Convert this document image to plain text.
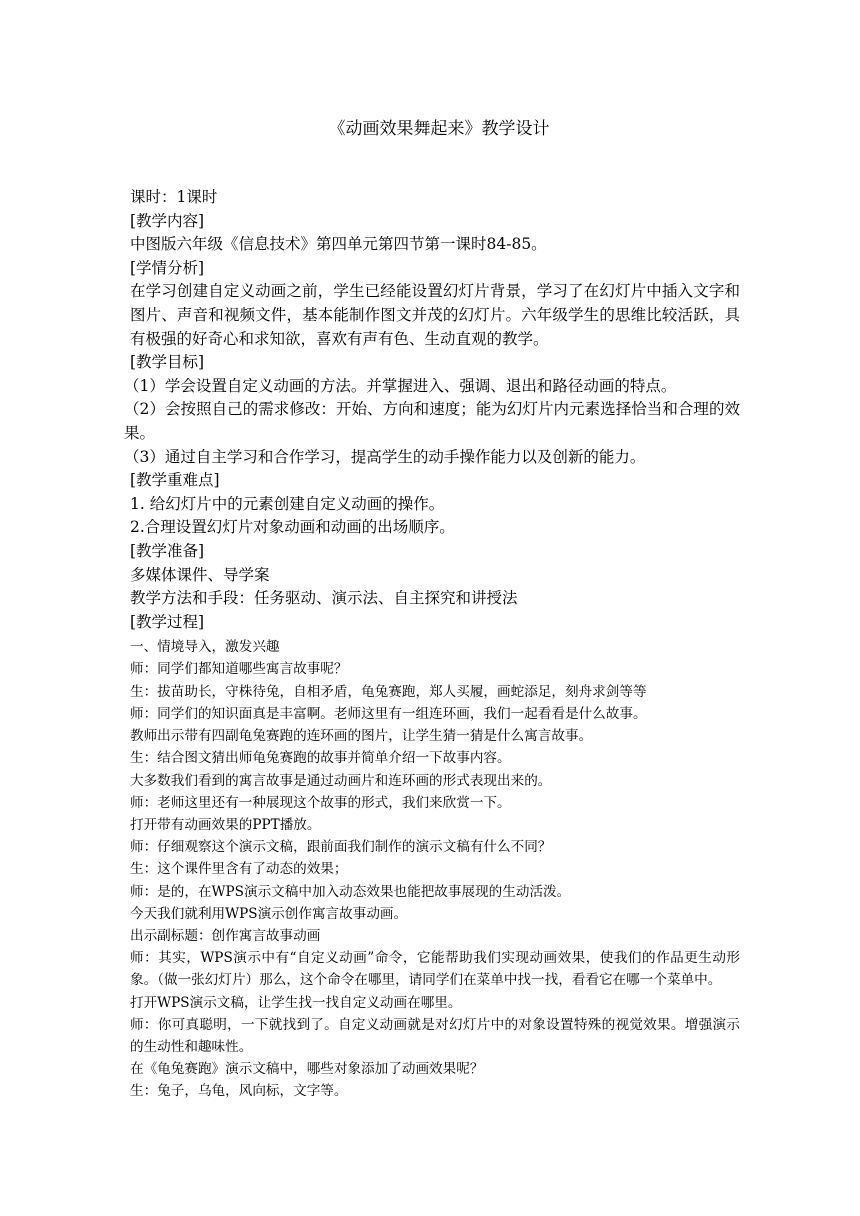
《动画效果舞起来》教学设计

课时：1课时

[教学内容]

中图版六年级《信息技术》第四单元第四节第一课时84-85。

[学情分析]

在学习创建自定义动画之前，学生已经能设置幻灯片背景，学习了在幻灯片中插入文字和图片、声音和视频文件，基本能制作图文并茂的幻灯片。六年级学生的思维比较活跃，具有极强的好奇心和求知欲，喜欢有声有色、生动直观的教学。

[教学目标]

（1）学会设置自定义动画的方法。并掌握进入、强调、退出和路径动画的特点。

（2）会按照自己的需求修改：开始、方向和速度；能为幻灯片内元素选择恰当和合理的效果。

（3）通过自主学习和合作学习，提高学生的动手操作能力以及创新的能力。

[教学重难点]

1. 给幻灯片中的元素创建自定义动画的操作。

2.合理设置幻灯片对象动画和动画的出场顺序。

[教学准备]

多媒体课件、导学案

教学方法和手段：任务驱动、演示法、自主探究和讲授法

[教学过程]

一、情境导入，激发兴趣

师：同学们都知道哪些寓言故事呢？

生：拔苗助长，守株待兔，自相矛盾，龟兔赛跑，郑人买履，画蛇添足，刻舟求剑等等

师：同学们的知识面真是丰富啊。老师这里有一组连环画，我们一起看看是什么故事。

教师出示带有四副龟兔赛跑的连环画的图片，让学生猜一猜是什么寓言故事。

生：结合图文猜出师龟兔赛跑的故事并简单介绍一下故事内容。

大多数我们看到的寓言故事是通过动画片和连环画的形式表现出来的。

师：老师这里还有一种展现这个故事的形式，我们来欣赏一下。

打开带有动画效果的PPT播放。

师：仔细观察这个演示文稿，跟前面我们制作的演示文稿有什么不同？

生：这个课件里含有了动态的效果；

师：是的，在WPS演示文稿中加入动态效果也能把故事展现的生动活泼。

今天我们就利用WPS演示创作寓言故事动画。

出示副标题：创作寓言故事动画

师：其实，WPS演示中有“自定义动画”命令，它能帮助我们实现动画效果，使我们的作品更生动形象。（做一张幻灯片）那么，这个命令在哪里，请同学们在菜单中找一找，看看它在哪一个菜单中。

打开WPS演示文稿，让学生找一找自定义动画在哪里。

师：你可真聪明，一下就找到了。自定义动画就是对幻灯片中的对象设置特殊的视觉效果。增强演示的生动性和趣味性。

在《龟兔赛跑》演示文稿中，哪些对象添加了动画效果呢？

生：兔子，乌龟，风向标，文字等。
